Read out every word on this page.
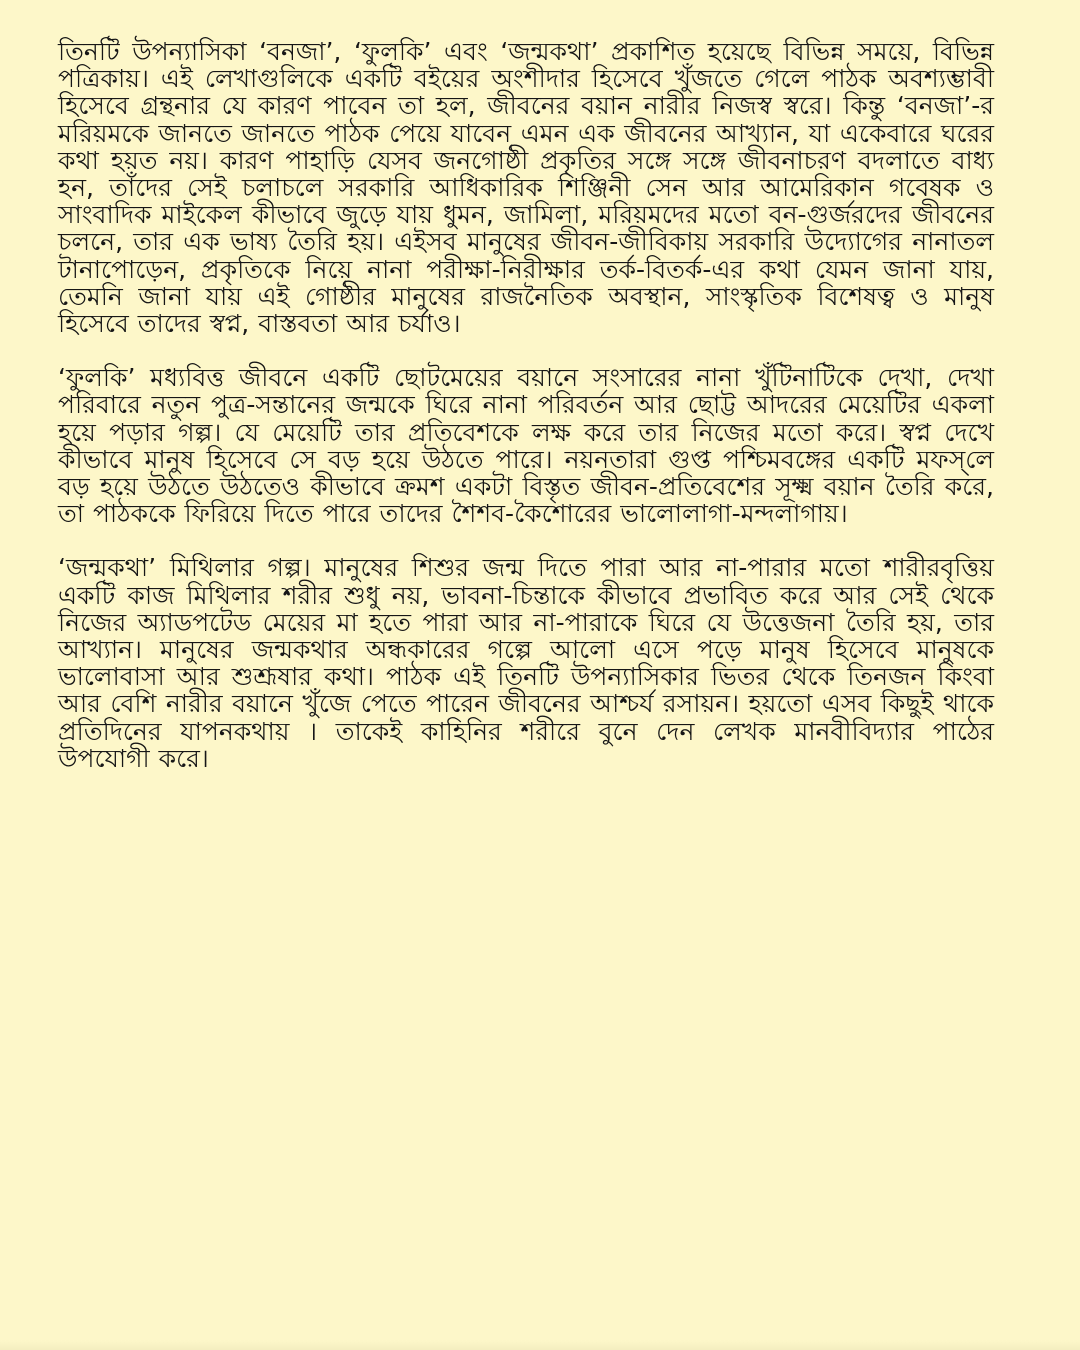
তিনটি উপন্যাসিকা ‘বনজা’, ‘ফুলকি’ এবং ‘জন্মকথা’ প্রকাশিত হয়েছে বিভিন্ন সময়ে, বিভিন্ন পত্রিকায়। এই লেখাগুলিকে একটি বইয়ের অংশীদার হিসেবে খুঁজতে গেলে পাঠক অবশ্যম্ভাবী হিসেবে গ্রন্থনার যে কারণ পাবেন তা হল, জীবনের বয়ান নারীর নিজস্ব স্বরে। কিন্তু ‘বনজা’-র মরিয়মকে জানতে জানতে পাঠক পেয়ে যাবেন এমন এক জীবনের আখ্যান, যা একেবারে ঘরের কথা হয়ত নয়। কারণ পাহাড়ি যেসব জনগোষ্ঠী প্রকৃতির সঙ্গে সঙ্গে জীবনাচরণ বদলাতে বাধ্য হন, তাঁদের সেই চলাচলে সরকারি আধিকারিক শিঞ্জিনী সেন আর আমেরিকান গবেষক ও সাংবাদিক মাইকেল কীভাবে জুড়ে যায় ধুমন, জামিলা, মরিয়মদের মতো বন-গুর্জরদের জীবনের চলনে, তার এক ভাষ্য তৈরি হয়। এইসব মানুষের জীবন-জীবিকায় সরকারি উদ্যোগের নানাতল টানাপোড়েন, প্রকৃতিকে নিয়ে নানা পরীক্ষা-নিরীক্ষার তর্ক-বিতর্ক-এর কথা যেমন জানা যায়, তেমনি জানা যায় এই গোষ্ঠীর মানুষের রাজনৈতিক অবস্থান, সাংস্কৃতিক বিশেষত্ব ও মানুষ হিসেবে তাদের স্বপ্ন, বাস্তবতা আর চর্যাও।

‘ফুলকি’ মধ্যবিত্ত জীবনে একটি ছোটমেয়ের বয়ানে সংসারের নানা খুঁটিনাটিকে দেখা, দেখা পরিবারে নতুন পুত্র-সন্তানের জন্মকে ঘিরে নানা পরিবর্তন আর ছোট্ট আদরের মেয়েটির একলা হয়ে পড়ার গল্প। যে মেয়েটি তার প্রতিবেশকে লক্ষ করে তার নিজের মতো করে। স্বপ্ন দেখে কীভাবে মানুষ হিসেবে সে বড় হয়ে উঠতে পারে। নয়নতারা গুপ্ত পশ্চিমবঙ্গের একটি মফস্‌লে বড় হয়ে উঠতে উঠতেও কীভাবে ক্রমশ একটা বিস্তৃত জীবন-প্রতিবেশের সূক্ষ্ম বয়ান তৈরি করে, তা পাঠককে ফিরিয়ে দিতে পারে তাদের শৈশব-কৈশোরের ভালোলাগা-মন্দলাগায়।

‘জন্মকথা’ মিথিলার গল্প। মানুষের শিশুর জন্ম দিতে পারা আর না-পারার মতো শারীরবৃত্তিয় একটি কাজ মিথিলার শরীর শুধু নয়, ভাবনা-চিন্তাকে কীভাবে প্রভাবিত করে আর সেই থেকে নিজের অ্যাডপটেড মেয়ের মা হতে পারা আর না-পারাকে ঘিরে যে উত্তেজনা তৈরি হয়, তার আখ্যান। মানুষের জন্মকথার অন্ধকারের গল্পে আলো এসে পড়ে মানুষ হিসেবে মানুষকে ভালোবাসা আর শুশ্রূষার কথা। পাঠক এই তিনটি উপন্যাসিকার ভিতর থেকে তিনজন কিংবা আর বেশি নারীর বয়ানে খুঁজে পেতে পারেন জীবনের আশ্চর্য রসায়ন। হয়তো এসব কিছুই থাকে প্রতিদিনের যাপনকথায় । তাকেই কাহিনির শরীরে বুনে দেন লেখক মানবীবিদ্যার পাঠের উপযোগী করে।
